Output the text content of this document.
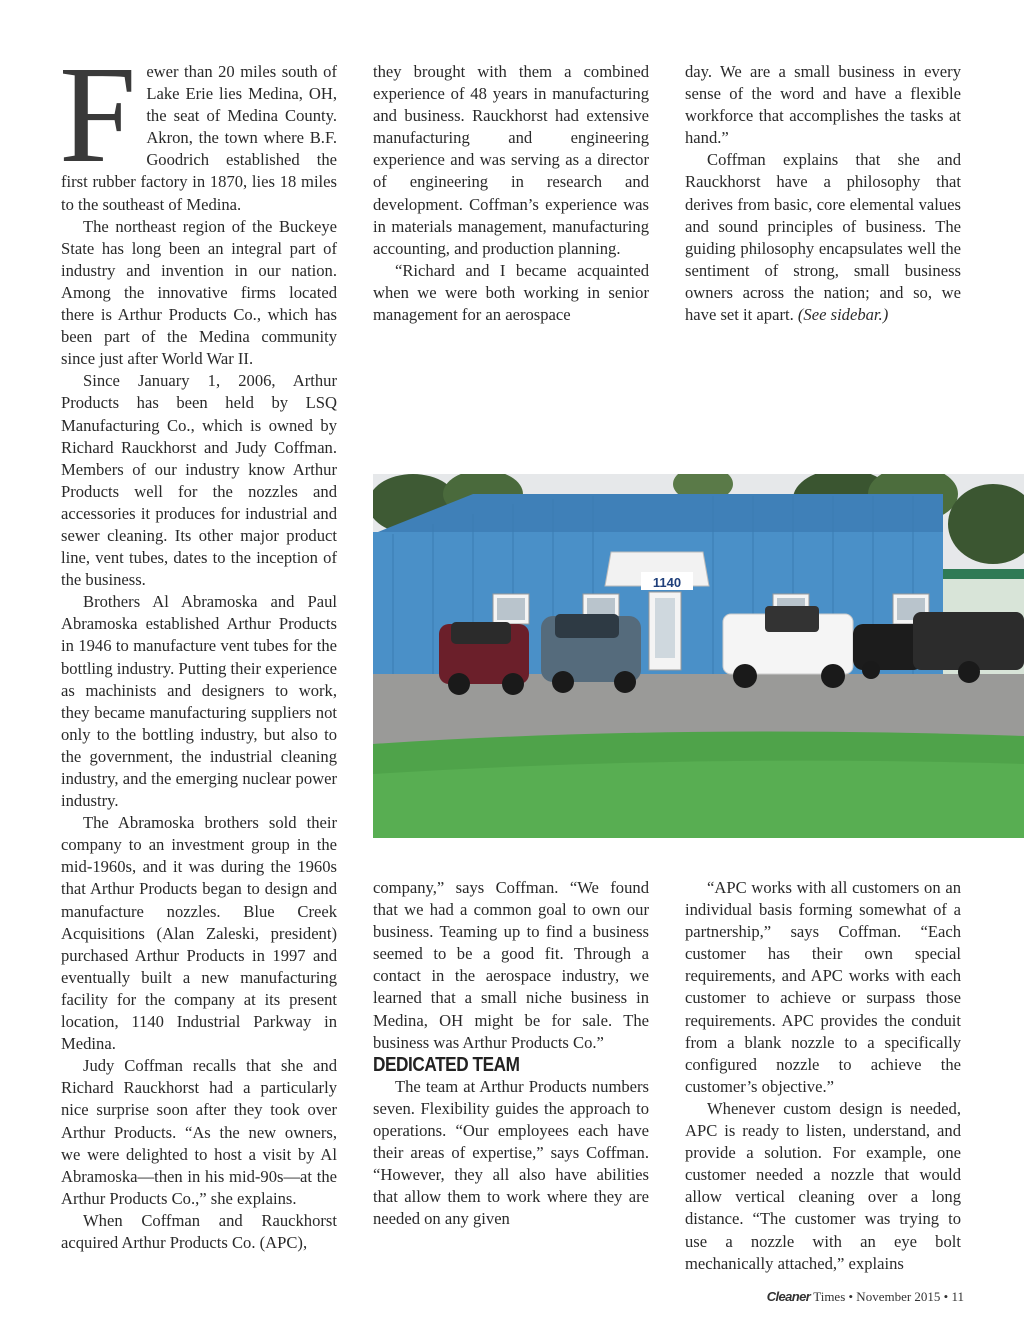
Fewer than 20 miles south of Lake Erie lies Medina, OH, the seat of Medina County. Akron, the town where B.F. Goodrich established the first rubber factory in 1870, lies 18 miles to the southeast of Medina.

The northeast region of the Buckeye State has long been an integral part of industry and invention in our nation. Among the innovative firms located there is Arthur Products Co., which has been part of the Medina community since just after World War II.

Since January 1, 2006, Arthur Products has been held by LSQ Manufacturing Co., which is owned by Richard Rauckhorst and Judy Coffman. Members of our industry know Arthur Products well for the nozzles and accessories it produces for industrial and sewer cleaning. Its other major product line, vent tubes, dates to the inception of the business.

Brothers Al Abramoska and Paul Abramoska established Arthur Products in 1946 to manufacture vent tubes for the bottling industry. Putting their experience as machinists and designers to work, they became manufacturing suppliers not only to the bottling industry, but also to the government, the industrial cleaning industry, and the emerging nuclear power industry.

The Abramoska brothers sold their company to an investment group in the mid-1960s, and it was during the 1960s that Arthur Products began to design and manufacture nozzles. Blue Creek Acquisitions (Alan Zaleski, president) purchased Arthur Products in 1997 and eventually built a new manufacturing facility for the company at its present location, 1140 Industrial Parkway in Medina.

Judy Coffman recalls that she and Richard Rauckhorst had a particularly nice surprise soon after they took over Arthur Products. “As the new owners, we were delighted to host a visit by Al Abramoska—then in his mid-90s—at the Arthur Products Co.,” she explains.

When Coffman and Rauckhorst acquired Arthur Products Co. (APC),

they brought with them a combined experience of 48 years in manufacturing and business. Rauckhorst had extensive manufacturing and engineering experience and was serving as a director of engineering in research and development. Coffman’s experience was in materials management, manufacturing accounting, and production planning.

“Richard and I became acquainted when we were both working in senior management for an aerospace

day. We are a small business in every sense of the word and have a flexible workforce that accomplishes the tasks at hand.”

Coffman explains that she and Rauckhorst have a philosophy that derives from basic, core elemental values and sound principles of business. The guiding philosophy encapsulates well the sentiment of strong, small business owners across the nation; and so, we have set it apart. (See sidebar.)

1140

company,” says Coffman. “We found that we had a common goal to own our business. Teaming up to find a business seemed to be a good fit. Through a contact in the aerospace industry, we learned that a small niche business in Medina, OH might be for sale. The business was Arthur Products Co.”

DEDICATED TEAM

The team at Arthur Products numbers seven. Flexibility guides the approach to operations. “Our employees each have their areas of expertise,” says Coffman. “However, they all also have abilities that allow them to work where they are needed on any given

“APC works with all customers on an individual basis forming somewhat of a partnership,” says Coffman. “Each customer has their own special requirements, and APC works with each customer to achieve or surpass those requirements. APC provides the conduit from a blank nozzle to a specifically configured nozzle to achieve the customer’s objective.”

Whenever custom design is needed, APC is ready to listen, understand, and provide a solution. For example, one customer needed a nozzle that would allow vertical cleaning over a long distance. “The customer was trying to use a nozzle with an eye bolt mechanically attached,” explains

Cleaner Times • November 2015 • 11
